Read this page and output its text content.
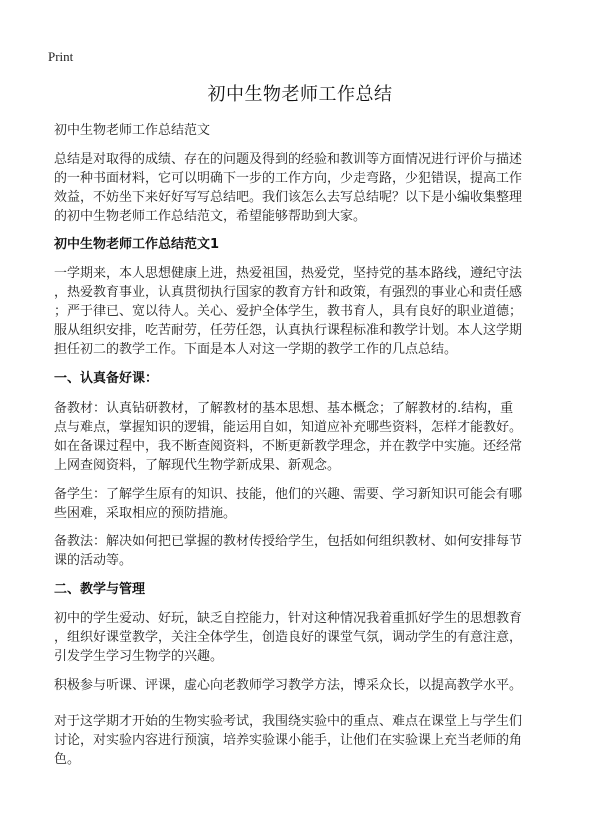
Print
初中生物老师工作总结

初中生物老师工作总结范文

总结是对取得的成绩、存在的问题及得到的经验和教训等方面情况进行评价与描述
的一种书面材料，它可以明确下一步的工作方向，少走弯路，少犯错误，提高工作
效益，不妨坐下来好好写写总结吧。我们该怎么去写总结呢？以下是小编收集整理
的初中生物老师工作总结范文，希望能够帮助到大家。

初中生物老师工作总结范文1

一学期来，本人思想健康上进，热爱祖国，热爱党，坚持党的基本路线，遵纪守法
，热爱教育事业，认真贯彻执行国家的教育方针和政策，有强烈的事业心和责任感
；严于律已、宽以待人。关心、爱护全体学生，教书育人，具有良好的职业道德；
服从组织安排，吃苦耐劳，任劳任怨，认真执行课程标准和教学计划。本人这学期
担任初二的教学工作。下面是本人对这一学期的教学工作的几点总结。

一、认真备好课：

备教材：认真钻研教材，了解教材的基本思想、基本概念；了解教材的.结构，重
点与难点，掌握知识的逻辑，能运用自如，知道应补充哪些资料，怎样才能教好。
如在备课过程中，我不断查阅资料，不断更新教学理念，并在教学中实施。还经常
上网查阅资料，了解现代生物学新成果、新观念。

备学生：了解学生原有的知识、技能，他们的兴趣、需要、学习新知识可能会有哪
些困难，采取相应的预防措施。

备教法：解决如何把已掌握的教材传授给学生，包括如何组织教材、如何安排每节
课的活动等。

二、教学与管理

初中的学生爱动、好玩，缺乏自控能力，针对这种情况我着重抓好学生的思想教育
，组织好课堂教学，关注全体学生，创造良好的课堂气氛，调动学生的有意注意，
引发学生学习生物学的兴趣。

积极参与听课、评课，虚心向老教师学习教学方法，博采众长，以提高教学水平。

对于这学期才开始的生物实验考试，我围绕实验中的重点、难点在课堂上与学生们
讨论，对实验内容进行预演，培养实验课小能手，让他们在实验课上充当老师的角
色。
